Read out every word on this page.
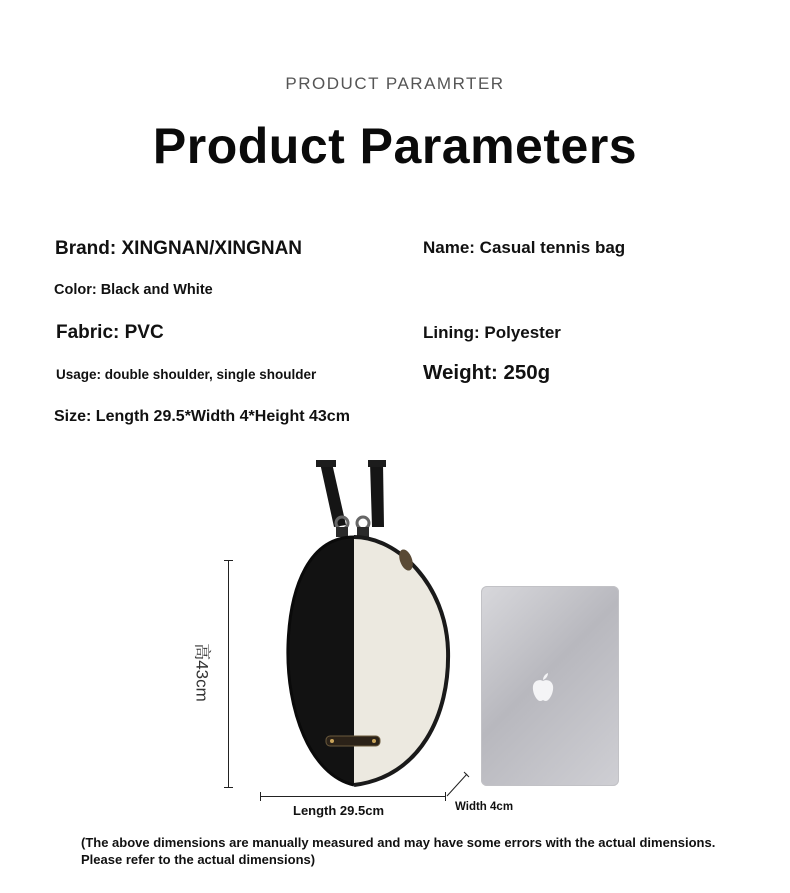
PRODUCT PARAMRTER
Product Parameters
Brand: XINGNAN/XINGNAN	Name: Casual tennis bag
Color: Black and White
Fabric: PVC	Lining: Polyester
Usage: double shoulder, single shoulder	Weight: 250g
Size: Length 29.5*Width 4*Height 43cm
高43cm
Length 29.5cm	Width 4cm
(The above dimensions are manually measured and may have some errors with the actual dimensions. Please refer to the actual dimensions)
